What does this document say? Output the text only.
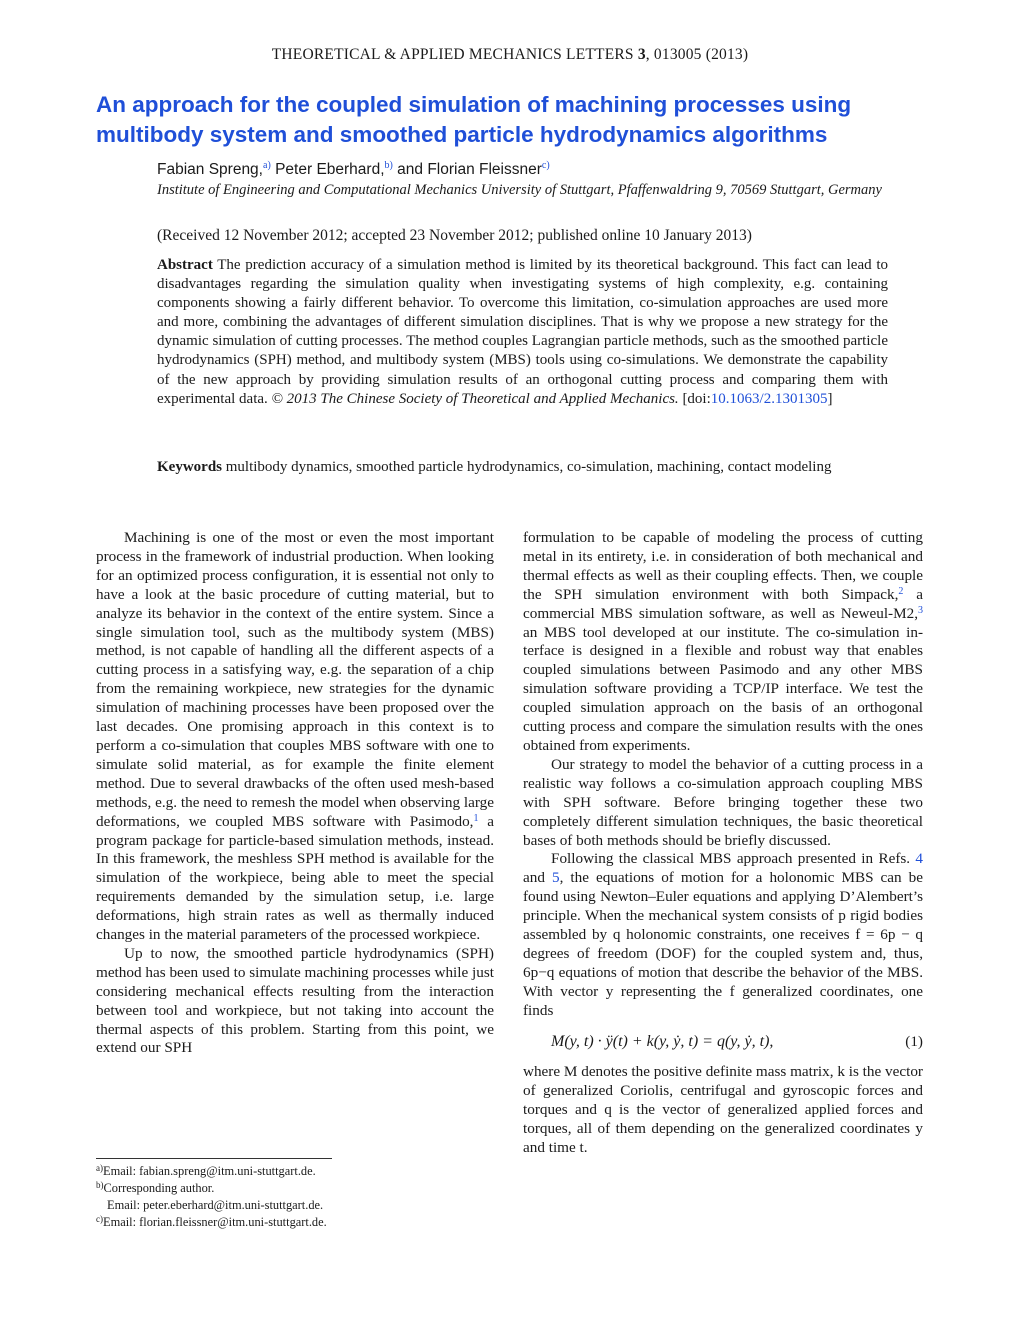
THEORETICAL & APPLIED MECHANICS LETTERS 3, 013005 (2013)
An approach for the coupled simulation of machining processes using multibody system and smoothed particle hydrodynamics algorithms
Fabian Spreng,$^{a)}$ Peter Eberhard,$^{b)}$ and Florian Fleissner$^{c)}$
Institute of Engineering and Computational Mechanics University of Stuttgart, Pfaffenwaldring 9, 70569 Stuttgart, Germany
(Received 12 November 2012; accepted 23 November 2012; published online 10 January 2013)
Abstract The prediction accuracy of a simulation method is limited by its theoretical background. This fact can lead to disadvantages regarding the simulation quality when investigating systems of high complexity, e.g. containing components showing a fairly different behavior. To overcome this limitation, co-simulation approaches are used more and more, combining the advantages of different simulation disciplines. That is why we propose a new strategy for the dynamic simulation of cutting processes. The method couples Lagrangian particle methods, such as the smoothed particle hydrodynamics (SPH) method, and multibody system (MBS) tools using co-simulations. We demonstrate the capability of the new approach by providing simulation results of an orthogonal cutting process and comparing them with experimental data. © 2013 The Chinese Society of Theoretical and Applied Mechanics. [doi:10.1063/2.1301305]
Keywords multibody dynamics, smoothed particle hydrodynamics, co-simulation, machining, contact modeling

Machining is one of the most or even the most important process in the framework of industrial production. When looking for an optimized process configuration, it is essential not only to have a look at the basic procedure of cutting material, but to analyze its behavior in the context of the entire system. Since a single simulation tool, such as the multibody system (MBS) method, is not capable of handling all the different aspects of a cutting process in a satisfying way, e.g. the separation of a chip from the remaining workpiece, new strategies for the dynamic simulation of machining processes have been proposed over the last decades. One promising approach in this context is to perform a co-simulation that couples MBS software with one to simulate solid material, as for example the finite element method. Due to several drawbacks of the often used mesh-based methods, e.g. the need to remesh the model when observing large deformations, we coupled MBS software with Pasimodo,$^1$ a program package for particle-based simulation methods, instead. In this framework, the meshless SPH method is available for the simulation of the workpiece, being able to meet the special requirements demanded by the simulation setup, i.e. large deformations, high strain rates as well as thermally induced changes in the material parameters of the processed workpiece.

Up to now, the smoothed particle hydrodynamics (SPH) method has been used to simulate machining processes while just considering mechanical effects resulting from the interaction between tool and workpiece, but not taking into account the thermal aspects of this problem. Starting from this point, we extend our SPH

formulation to be capable of modeling the process of cutting metal in its entirety, i.e. in consideration of both mechanical and thermal effects as well as their coupling effects. Then, we couple the SPH simulation environment with both Simpack,$^2$ a commercial MBS simulation software, as well as Neweul-M2,$^3$ an MBS tool developed at our institute. The co-simulation interface is designed in a flexible and robust way that enables coupled simulations between Pasimodo and any other MBS simulation software providing a TCP/IP interface. We test the coupled simulation approach on the basis of an orthogonal cutting process and compare the simulation results with the ones obtained from experiments.

Our strategy to model the behavior of a cutting process in a realistic way follows a co-simulation approach coupling MBS with SPH software. Before bringing together these two completely different simulation techniques, the basic theoretical bases of both methods should be briefly discussed.

Following the classical MBS approach presented in Refs. 4 and 5, the equations of motion for a holonomic MBS can be found using Newton–Euler equations and applying D’Alembert’s principle. When the mechanical system consists of p rigid bodies assembled by q holonomic constraints, one receives f = 6p − q degrees of freedom (DOF) for the coupled system and, thus, 6p−q equations of motion that describe the behavior of the MBS. With vector y representing the f generalized coordinates, one finds

M(y, t) · ÿ(t) + k(y, ẏ, t) = q(y, ẏ, t),	(1)

where M denotes the positive definite mass matrix, k is the vector of generalized Coriolis, centrifugal and gyroscopic forces and torques and q is the vector of generalized applied forces and torques, all of them depending on the generalized coordinates y and time t.

$^{a)}$Email: fabian.spreng@itm.uni-stuttgart.de.
$^{b)}$Corresponding author.
Email: peter.eberhard@itm.uni-stuttgart.de.
$^{c)}$Email: florian.fleissner@itm.uni-stuttgart.de.
